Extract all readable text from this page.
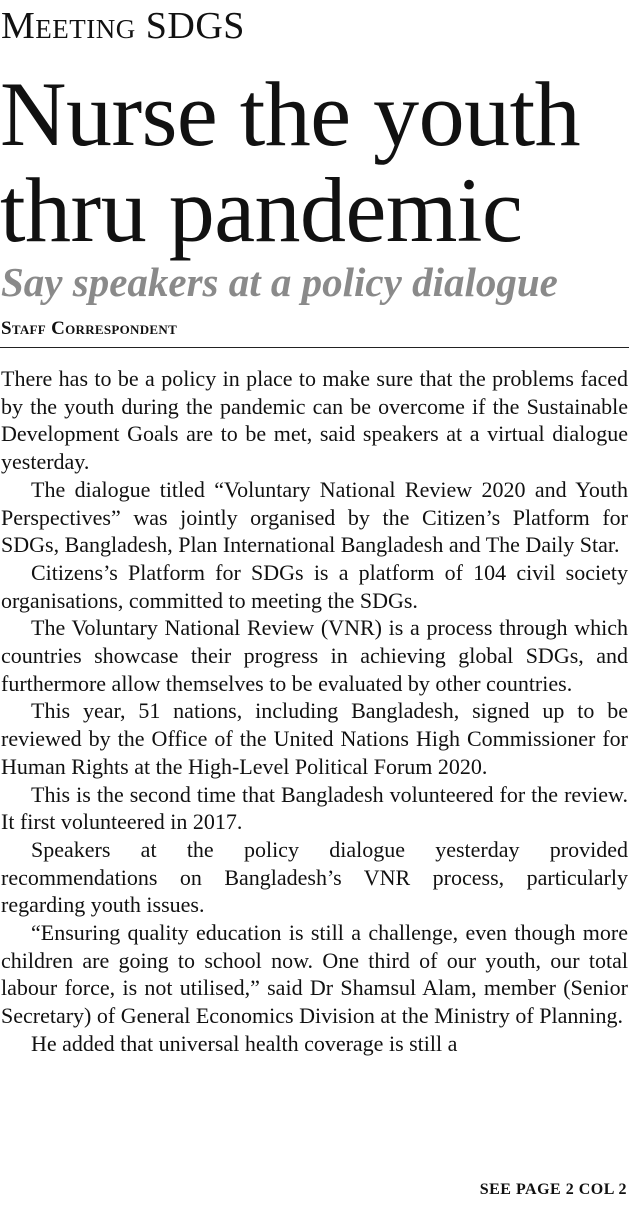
Meeting SDGS
Nurse the youth
thru pandemic
Say speakers at a policy dialogue
Staff Correspondent

There has to be a policy in place to make sure that the problems faced by the youth during the pandemic can be overcome if the Sustainable Development Goals are to be met, said speakers at a virtual dialogue yesterday.

The dialogue titled “Voluntary National Review 2020 and Youth Perspectives” was jointly organised by the Citizen’s Platform for SDGs, Bangladesh, Plan International Bangladesh and The Daily Star.

Citizens’s Platform for SDGs is a platform of 104 civil society organisations, committed to meeting the SDGs.

The Voluntary National Review (VNR) is a process through which countries showcase their progress in achieving global SDGs, and furthermore allow themselves to be evaluated by other countries.

This year, 51 nations, including Bangladesh, signed up to be reviewed by the Office of the United Nations High Commissioner for Human Rights at the High-Level Political Forum 2020.

This is the second time that Bangladesh volunteered for the review. It first volunteered in 2017.

Speakers at the policy dialogue yesterday provided recommendations on Bangladesh’s VNR process, particularly regarding youth issues.

“Ensuring quality education is still a challenge, even though more children are going to school now. One third of our youth, our total labour force, is not utilised,” said Dr Shamsul Alam, member (Senior Secretary) of General Economics Division at the Ministry of Planning.

He added that universal health coverage is still a

SEE PAGE 2 COL 2
